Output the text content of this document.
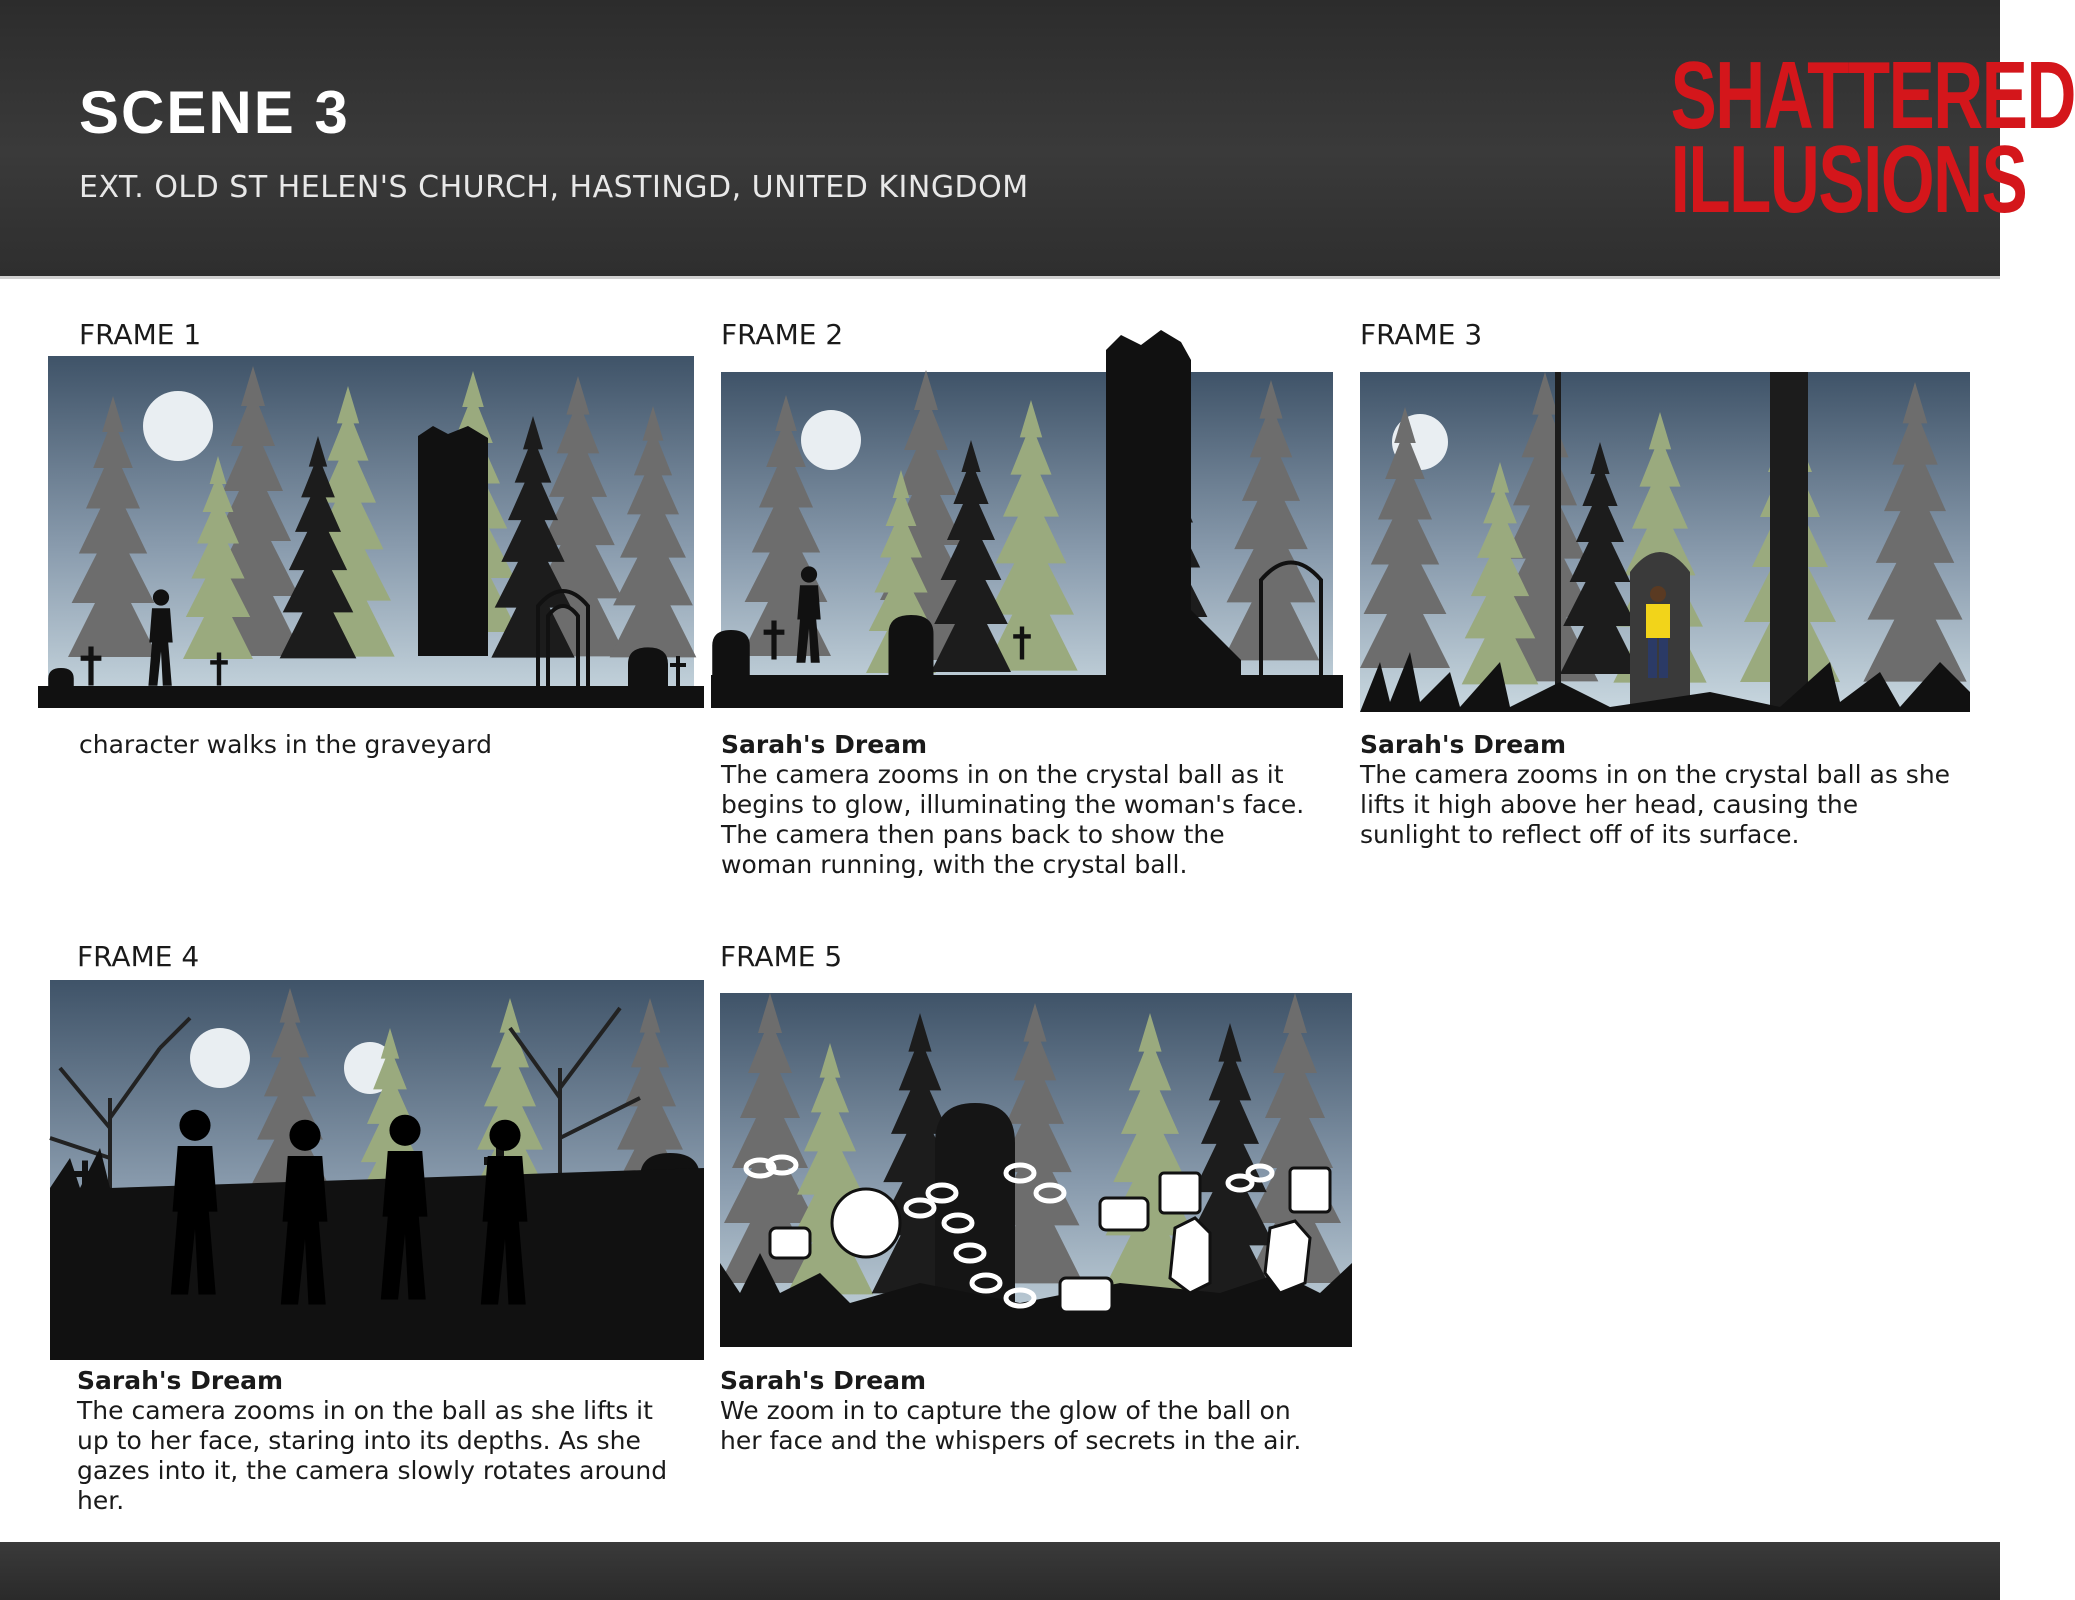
SCENE 3
EXT. OLD ST HELEN'S CHURCH, HASTINGD, UNITED KINGDOM
SHATTERED
ILLUSIONS
FRAME 1
character walks in the graveyard
FRAME 2
Sarah's Dream
The camera zooms in on the crystal ball as it begins to glow, illuminating the woman's face. The camera then pans back to show the woman running, with the crystal ball.
FRAME 3
Sarah's Dream
The camera zooms in on the crystal ball as she lifts it high above her head, causing the sunlight to reflect off of its surface.
FRAME 4
Sarah's Dream
The camera zooms in on the ball as she lifts it up to her face, staring into its depths. As she gazes into it, the camera slowly rotates around her.
FRAME 5
Sarah's Dream
We zoom in to capture the glow of the ball on her face and the whispers of secrets in the air.
